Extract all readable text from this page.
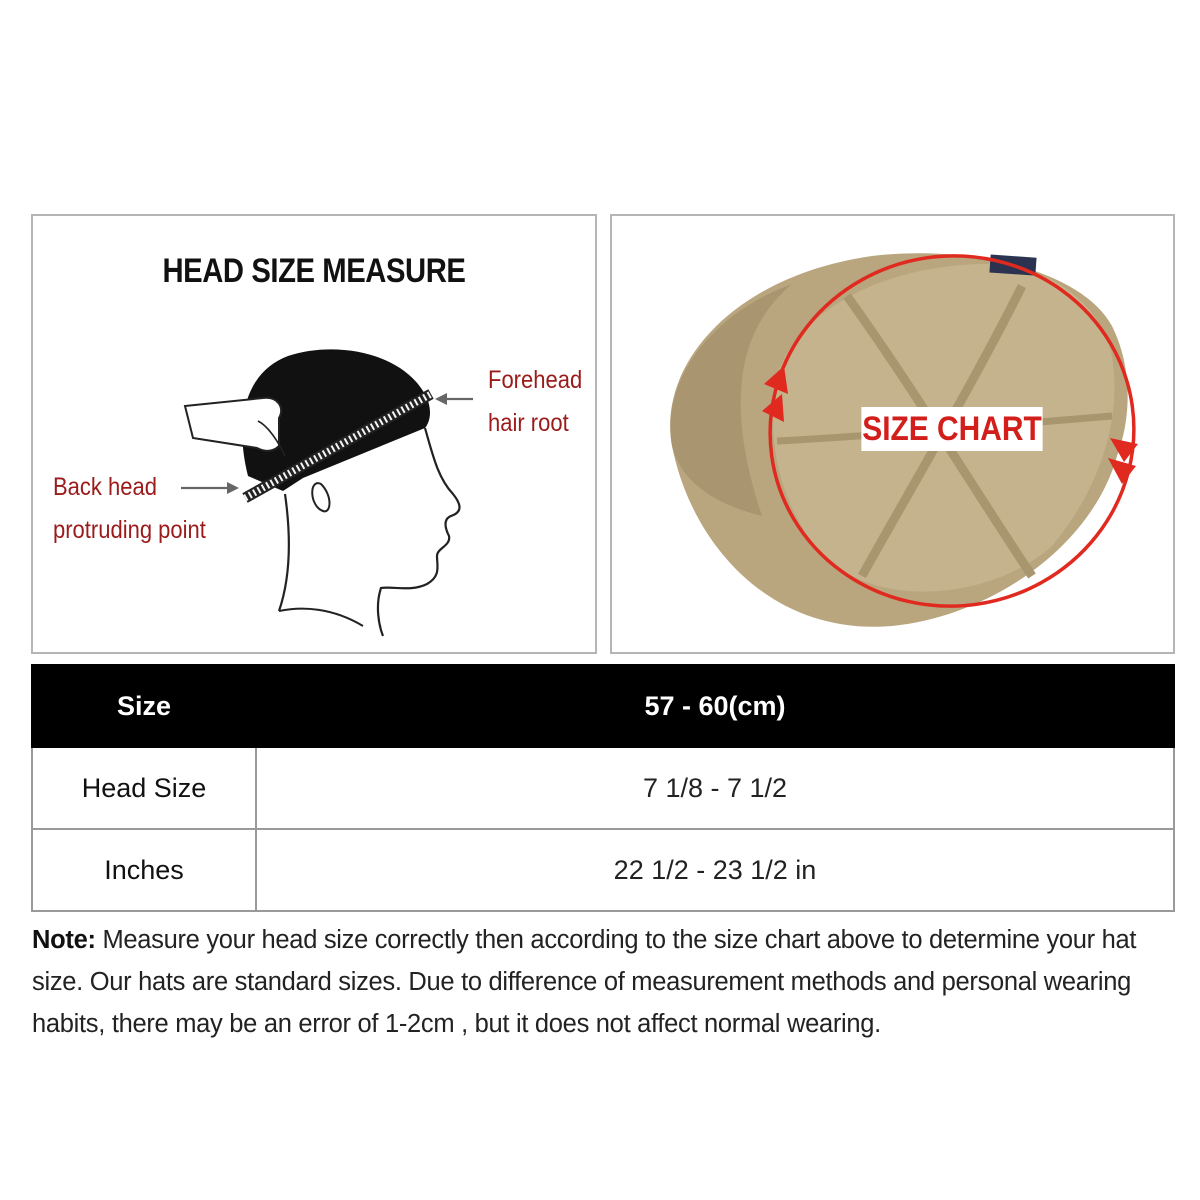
HEAD SIZE MEASURE
Forehead
hair root
Back head
protruding point
SIZE CHART
Size	57 - 60(cm)
Head Size	7 1/8 - 7 1/2
Inches	22 1/2 - 23 1/2 in
Note: Measure your head size correctly then according to the size chart above to determine your hat size. Our hats are standard sizes. Due to difference of measurement methods and personal wearing habits, there may be an error of 1-2cm , but it does not affect normal wearing.
